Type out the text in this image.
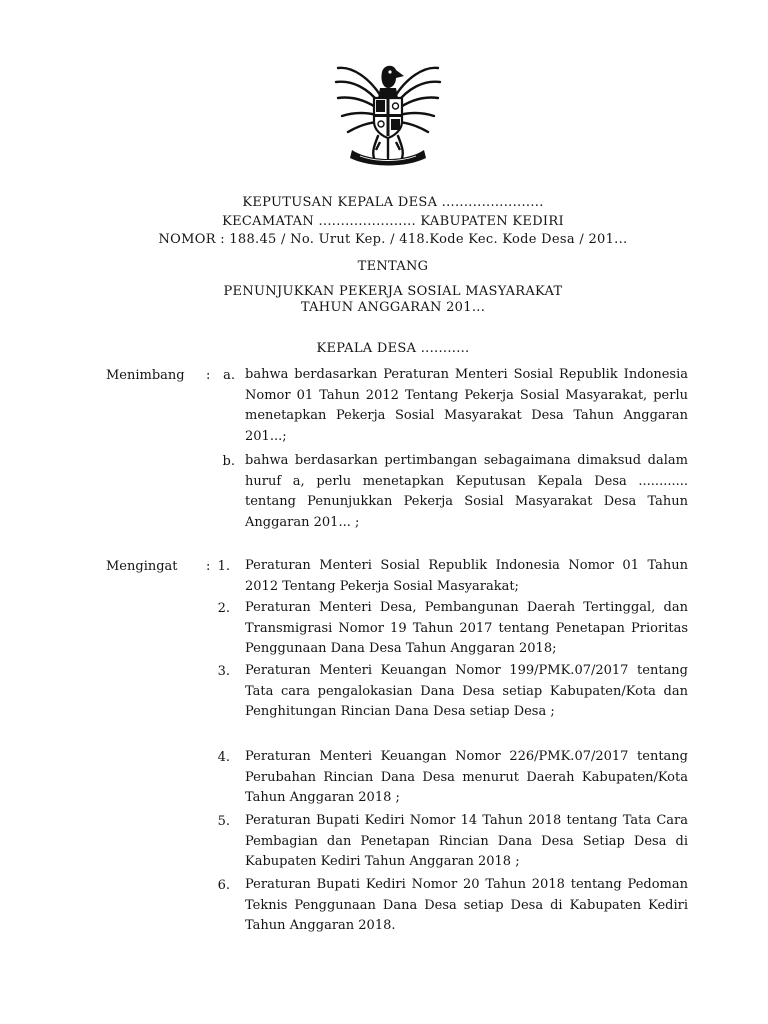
KEPUTUSAN KEPALA DESA .......................
KECAMATAN ...................... KABUPATEN KEDIRI
NOMOR : 188.45 / No. Urut Kep. / 418.Kode Kec. Kode Desa / 201...
TENTANG
PENUNJUKKAN PEKERJA SOSIAL MASYARAKAT
TAHUN ANGGARAN 201...
KEPALA DESA ...........
Menimbang : a. bahwa berdasarkan Peraturan Menteri Sosial Republik Indonesia Nomor 01 Tahun 2012 Tentang Pekerja Sosial Masyarakat, perlu menetapkan Pekerja Sosial Masyarakat Desa Tahun Anggaran 201...;
b. bahwa berdasarkan pertimbangan sebagaimana dimaksud dalam huruf a, perlu menetapkan Keputusan Kepala Desa ............ tentang Penunjukkan Pekerja Sosial Masyarakat Desa Tahun Anggaran 201... ;
Mengingat : 1. Peraturan Menteri Sosial Republik Indonesia Nomor 01 Tahun 2012 Tentang Pekerja Sosial Masyarakat;
2. Peraturan Menteri Desa, Pembangunan Daerah Tertinggal, dan Transmigrasi Nomor 19 Tahun 2017 tentang Penetapan Prioritas Penggunaan Dana Desa Tahun Anggaran 2018;
3. Peraturan Menteri Keuangan Nomor 199/PMK.07/2017 tentang Tata cara pengalokasian Dana Desa setiap Kabupaten/Kota dan Penghitungan Rincian Dana Desa setiap Desa ;
4. Peraturan Menteri Keuangan Nomor 226/PMK.07/2017 tentang Perubahan Rincian Dana Desa menurut Daerah Kabupaten/Kota Tahun Anggaran 2018 ;
5. Peraturan Bupati Kediri Nomor 14 Tahun 2018 tentang Tata Cara Pembagian dan Penetapan Rincian Dana Desa Setiap Desa di Kabupaten Kediri Tahun Anggaran 2018 ;
6. Peraturan Bupati Kediri Nomor 20 Tahun 2018 tentang Pedoman Teknis Penggunaan Dana Desa setiap Desa di Kabupaten Kediri Tahun Anggaran 2018.
